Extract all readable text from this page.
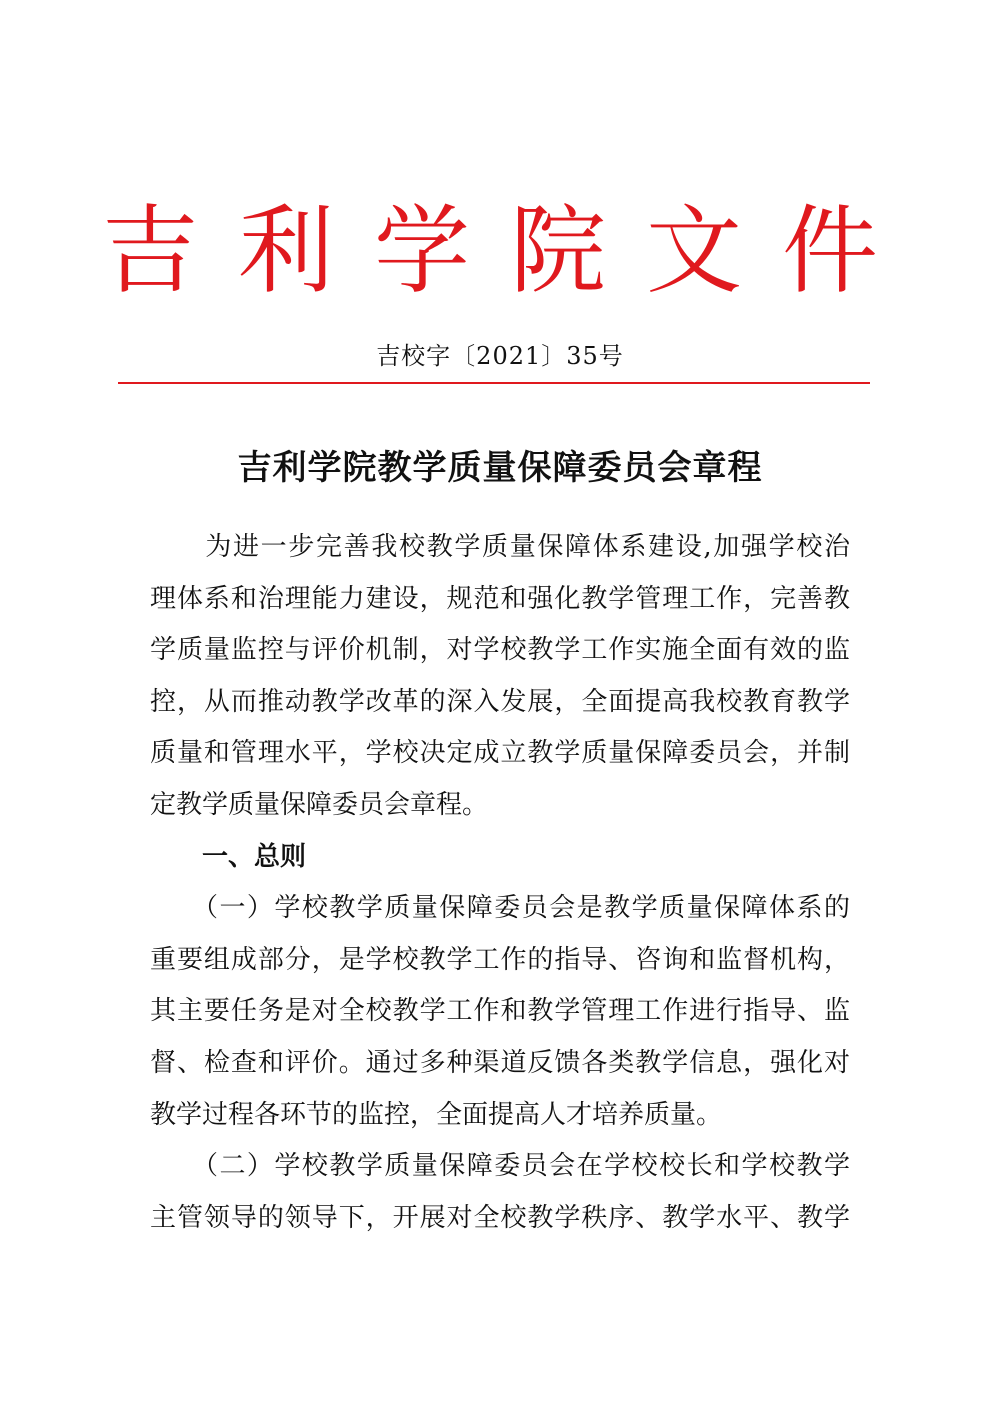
吉利学院文件
吉校字〔2021〕35号
吉利学院教学质量保障委员会章程
　　为进一步完善我校教学质量保障体系建设,加强学校治
理体系和治理能力建设，规范和强化教学管理工作，完善教
学质量监控与评价机制，对学校教学工作实施全面有效的监
控，从而推动教学改革的深入发展，全面提高我校教育教学
质量和管理水平，学校决定成立教学质量保障委员会，并制
定教学质量保障委员会章程。
一、总则
　　（一）学校教学质量保障委员会是教学质量保障体系的
重要组成部分，是学校教学工作的指导、咨询和监督机构，
其主要任务是对全校教学工作和教学管理工作进行指导、监
督、检查和评价。通过多种渠道反馈各类教学信息，强化对
教学过程各环节的监控，全面提高人才培养质量。
　　（二）学校教学质量保障委员会在学校校长和学校教学
主管领导的领导下，开展对全校教学秩序、教学水平、教学
